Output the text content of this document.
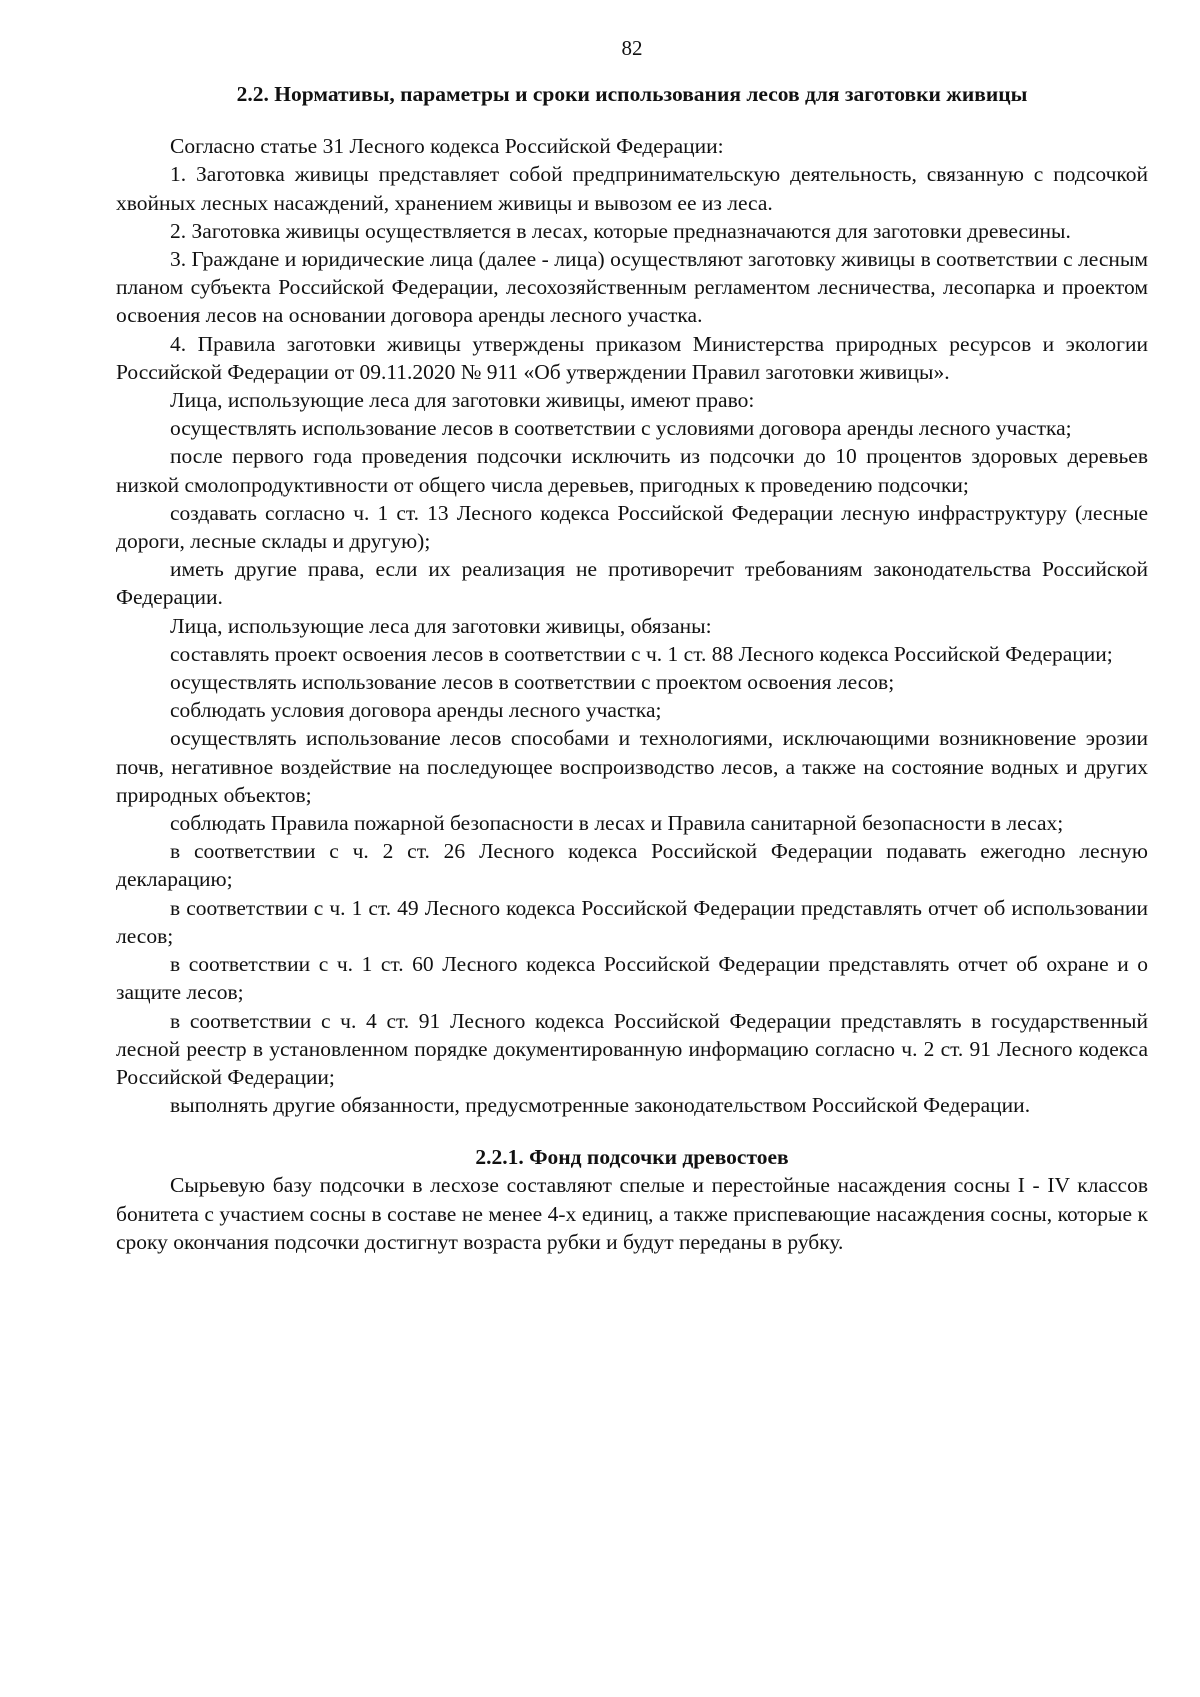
82
2.2. Нормативы, параметры и сроки использования лесов для заготовки живицы

Согласно статье 31 Лесного кодекса Российской Федерации:

1. Заготовка живицы представляет собой предпринимательскую деятельность, связанную с подсочкой хвойных лесных насаждений, хранением живицы и вывозом ее из леса.

2. Заготовка живицы осуществляется в лесах, которые предназначаются для заготовки древесины.

3. Граждане и юридические лица (далее - лица) осуществляют заготовку живицы в соответствии с лесным планом субъекта Российской Федерации, лесохозяйственным регламентом лесничества, лесопарка и проектом освоения лесов на основании договора аренды лесного участка.

4. Правила заготовки живицы утверждены приказом Министерства природных ресурсов и экологии Российской Федерации от 09.11.2020 № 911 «Об утверждении Правил заготовки живицы».

Лица, использующие леса для заготовки живицы, имеют право:

осуществлять использование лесов в соответствии с условиями договора аренды лесного участка;

после первого года проведения подсочки исключить из подсочки до 10 процентов здоровых деревьев низкой смолопродуктивности от общего числа деревьев, пригодных к проведению подсочки;

создавать согласно ч. 1 ст. 13 Лесного кодекса Российской Федерации лесную инфраструктуру (лесные дороги, лесные склады и другую);

иметь другие права, если их реализация не противоречит требованиям законодательства Российской Федерации.

Лица, использующие леса для заготовки живицы, обязаны:

составлять проект освоения лесов в соответствии с ч. 1 ст. 88 Лесного кодекса Российской Федерации;

осуществлять использование лесов в соответствии с проектом освоения лесов;

соблюдать условия договора аренды лесного участка;

осуществлять использование лесов способами и технологиями, исключающими возникновение эрозии почв, негативное воздействие на последующее воспроизводство лесов, а также на состояние водных и других природных объектов;

соблюдать Правила пожарной безопасности в лесах и Правила санитарной безопасности в лесах;

в соответствии с ч. 2 ст. 26 Лесного кодекса Российской Федерации подавать ежегодно лесную декларацию;

в соответствии с ч. 1 ст. 49 Лесного кодекса Российской Федерации представлять отчет об использовании лесов;

в соответствии с ч. 1 ст. 60 Лесного кодекса Российской Федерации представлять отчет об охране и о защите лесов;

в соответствии с ч. 4 ст. 91 Лесного кодекса Российской Федерации представлять в государственный лесной реестр в установленном порядке документированную информацию согласно ч. 2 ст. 91 Лесного кодекса Российской Федерации;

выполнять другие обязанности, предусмотренные законодательством Российской Федерации.

2.2.1. Фонд подсочки древостоев

Сырьевую базу подсочки в лесхозе составляют спелые и перестойные насаждения сосны I - IV классов бонитета с участием сосны в составе не менее 4-х единиц, а также приспевающие насаждения сосны, которые к сроку окончания подсочки достигнут возраста рубки и будут переданы в рубку.
